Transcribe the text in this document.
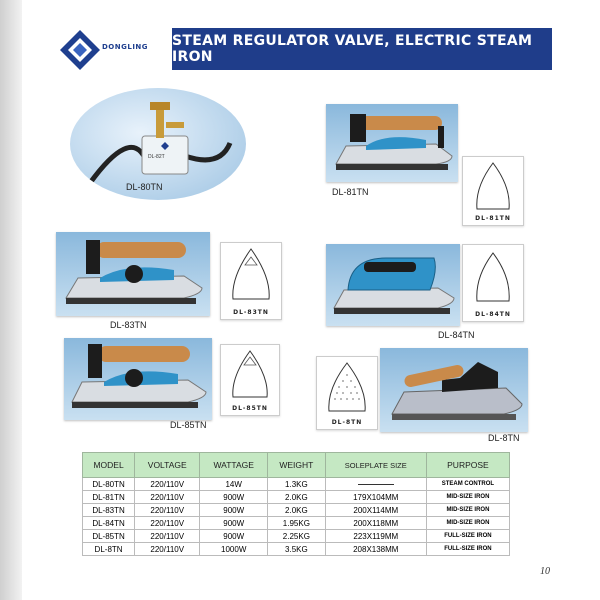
DONGLING STEAM REGULATOR VALVE, ELECTRIC STEAM IRON
DL-82T
DL-80TN	DL-81TN
DL-81TN
DL-83TN
DL-83TN
DL-84TN
DL-84TN
DL-85TN
DL-85TN
DL-8TN
DL-8TN
MODEL	VOLTAGE	WATTAGE	WEIGHT	SOLEPLATE SIZE	PURPOSE
DL-80TN	220/110V	14W	1.3KG		STEAM CONTROL
DL-81TN	220/110V	900W	2.0KG	179X104MM	MID-SIZE IRON
DL-83TN	220/110V	900W	2.0KG	200X114MM	MID-SIZE IRON
DL-84TN	220/110V	900W	1.95KG	200X118MM	MID-SIZE IRON
DL-85TN	220/110V	900W	2.25KG	223X119MM	FULL-SIZE IRON
DL-8TN	220/110V	1000W	3.5KG	208X138MM	FULL-SIZE IRON
10
